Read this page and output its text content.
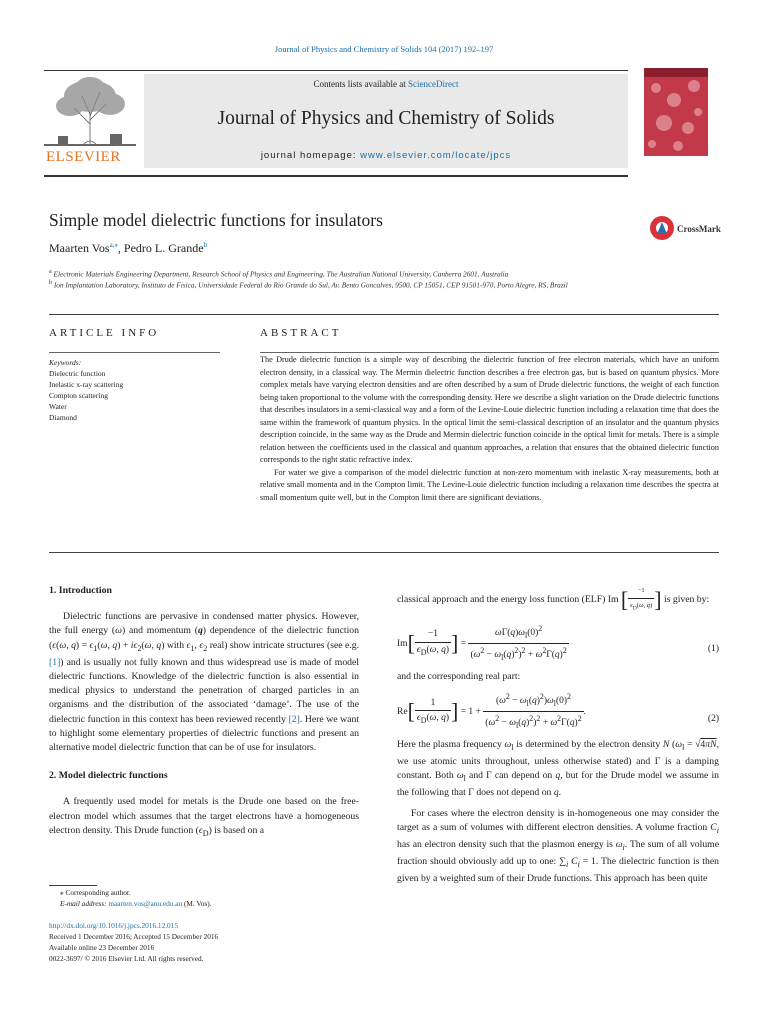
Journal of Physics and Chemistry of Solids 104 (2017) 192–197
ELSEVIER
Contents lists available at ScienceDirect
Journal of Physics and Chemistry of Solids
journal homepage: www.elsevier.com/locate/jpcs
Simple model dielectric functions for insulators
Maarten Vos$^{a,⁎}$, Pedro L. Grande$^b$
CrossMark
$^a$ Electronic Materials Engineering Department, Research School of Physics and Engineering, The Australian National University, Canberra 2601, Australia
$^b$ Ion Implantation Laboratory, Instituto de Fisica, Universidade Federal do Rio Grande do Sul, Av. Bento Goncalves, 9500, CP 15051, CEP 91501-970, Porto Alegre, RS, Brazil
ARTICLE INFO	ABSTRACT
Keywords:
Dielectric function
Inelastic x-ray scattering
Compton scattering
Water
Diamond

The Drude dielectric function is a simple way of describing the dielectric function of free electron materials, which have an uniform electron density, in a classical way. The Mermin dielectric function describes a free electron gas, but is based on quantum physics. More complex metals have varying electron densities and are often described by a sum of Drude dielectric functions, the weight of each function being taken proportional to the volume with the corresponding density. Here we describe a slight variation on the Drude dielectric functions that describes insulators in a semi-classical way and a form of the Levine-Louie dielectric function including a relaxation time that does the same within the framework of quantum physics. In the optical limit the semi-classical description of an insulator and the quantum physics description coincide, in the same way as the Drude and Mermin dielectric function coincide in the optical limit for metals. There is a simple relation between the coefficients used in the classical and quantum approaches, a relation that ensures that the obtained dielectric function corresponds to the right static refractive index.

For water we give a comparison of the model dielectric function at non-zero momentum with inelastic X-ray measurements, both at relative small momenta and in the Compton limit. The Levine-Louie dielectric function including a relaxation time describes the spectra at small momentum quite well, but in the Compton limit there are significant deviations.

1. Introduction

Dielectric functions are pervasive in condensed matter physics. However, the full energy (ω) and momentum (q) dependence of the dielectric function (ϵ(ω, $q) = \epsilon_1(\omega$, $q) + i\epsilon_2(\omega$, q) with $\epsilon_1$, $\epsilon_2$ real) show intricate structures (see e.g. [1]) and is usually not fully known and thus widespread use is made of model dielectric functions. Knowledge of the dielectric function is also essential in medical physics to understand the penetration of charged particles in an organisms and the distribution of the associated ‘damage’. The use of the dielectric function in this context has been reviewed recently [2]. Here we want to highlight some elementary properties of dielectric functions and present an alternative model dielectric function that can be of use for insulators.

2. Model dielectric functions

A frequently used model for metals is the Drude one based on the free-electron model which assumes that the target electrons have a homogeneous electron density. This Drude function $(\epsilon_D)$ is based on a

classical approach and the energy loss function (ELF) Im [ $\frac{-1}{\epsilon_D(\omega, q)}$ ] is given by:

$Im[ \frac{-1}{\epsilon_D(\omega, q)}$ ] = $\frac{\omega\Gamma(q)\omega_l(0)^2}{(\omega^2 - \omega_l(q)^2)^2 + \omega^2\Gamma(q)^2}$	(1)

and the corresponding real part:

$Re[ \frac{1}{\epsilon_D(\omega, q)}$ ] = $1 + \frac{(\omega^2 - \omega_l(q)^2)\omega_l(0)^2}{(\omega^2 - \omega_l(q)^2)^2 + \omega^2\Gamma(q)^2}$ .
(2)

Here the plasma frequency $\omega_l$ is determined by the electron density N ($\omega_l = √4\pi N$, we use atomic units throughout, unless otherwise stated) and Γ is a damping constant. Both $\omega_l$ and Γ can depend on q, but for the Drude model we assume in the following that Γ does not depend on q.

For cases where the electron density is in-homogeneous one may consider the target as a sum of volumes with different electron densities. A volume fraction $C_i$ has an electron density such that the plasmon energy is $\omega_i$. The sum of all volume fraction should obviously add up to one: $\sum_i$ $C_i = 1$. The dielectric function is then given by a weighted sum of their Drude functions. This approach has been quite

⁎ Corresponding author.
E-mail address: maarten.vos@anu.edu.au (M. Vos).
http://dx.doi.org/10.1016/j.jpcs.2016.12.015
Received 1 December 2016; Accepted 15 December 2016
Available online 23 December 2016
0022-3697/ © 2016 Elsevier Ltd. All rights reserved.
